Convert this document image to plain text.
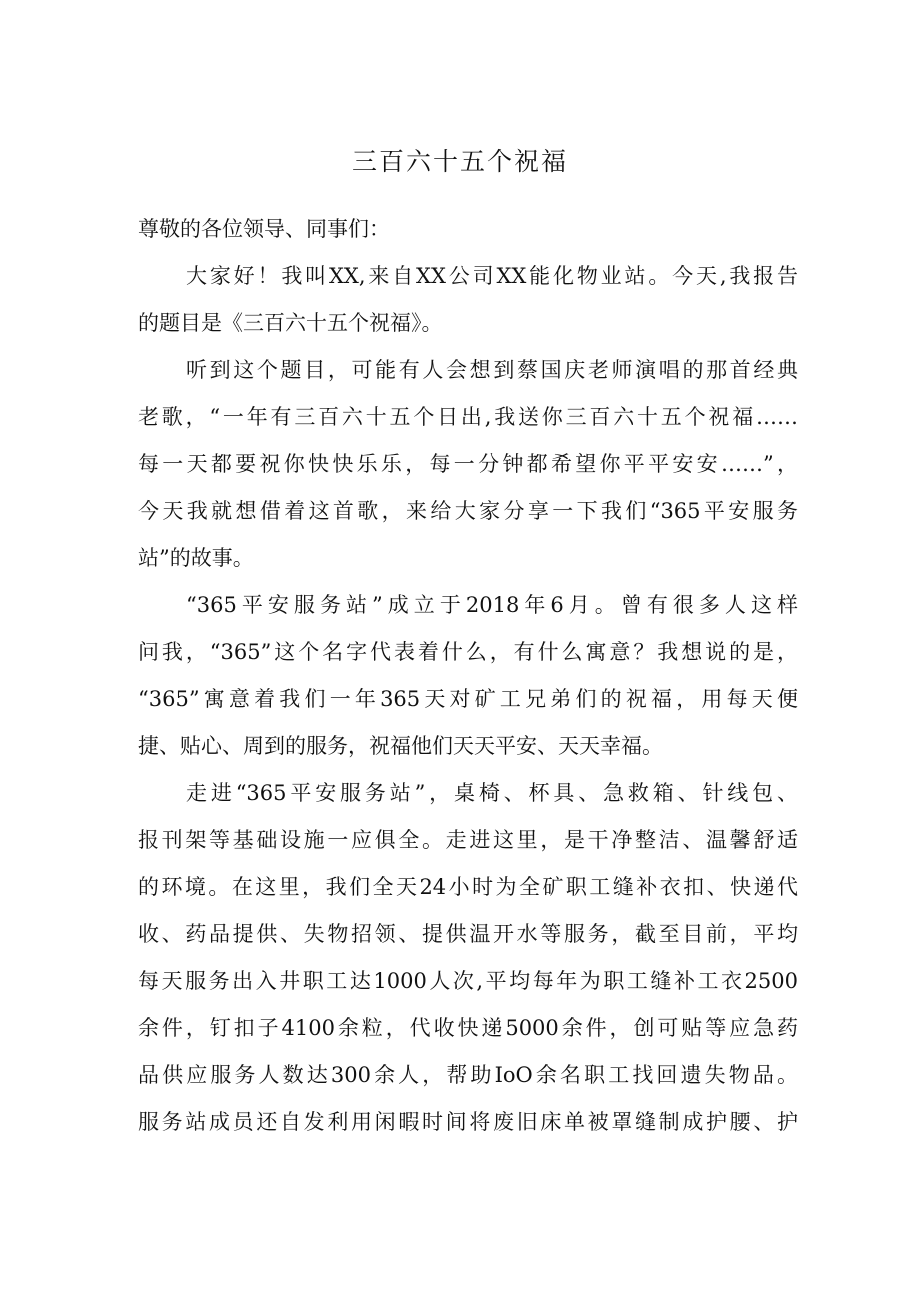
三百六十五个祝福
尊敬的各位领导、同事们：
大家好！我叫XX,来自XX公司XX能化物业站。今天,我报告
的题目是《三百六十五个祝福》。
听到这个题目，可能有人会想到蔡国庆老师演唱的那首经典
老歌，“一年有三百六十五个日出,我送你三百六十五个祝福……
每一天都要祝你快快乐乐，每一分钟都希望你平平安安……”，
今天我就想借着这首歌，来给大家分享一下我们“365平安服务
站”的故事。
“365平安服务站”成立于2018年6月。曾有很多人这样
问我，“365”这个名字代表着什么，有什么寓意？我想说的是，
“365”寓意着我们一年365天对矿工兄弟们的祝福，用每天便
捷、贴心、周到的服务，祝福他们天天平安、天天幸福。
走进“365平安服务站”，桌椅、杯具、急救箱、针线包、
报刊架等基础设施一应俱全。走进这里，是干净整洁、温馨舒适
的环境。在这里，我们全天24小时为全矿职工缝补衣扣、快递代
收、药品提供、失物招领、提供温开水等服务，截至目前，平均
每天服务出入井职工达1000人次,平均每年为职工缝补工衣2500
余件，钉扣子4100余粒，代收快递5000余件，创可贴等应急药
品供应服务人数达300余人，帮助IoO余名职工找回遗失物品。
服务站成员还自发利用闲暇时间将废旧床单被罩缝制成护腰、护
